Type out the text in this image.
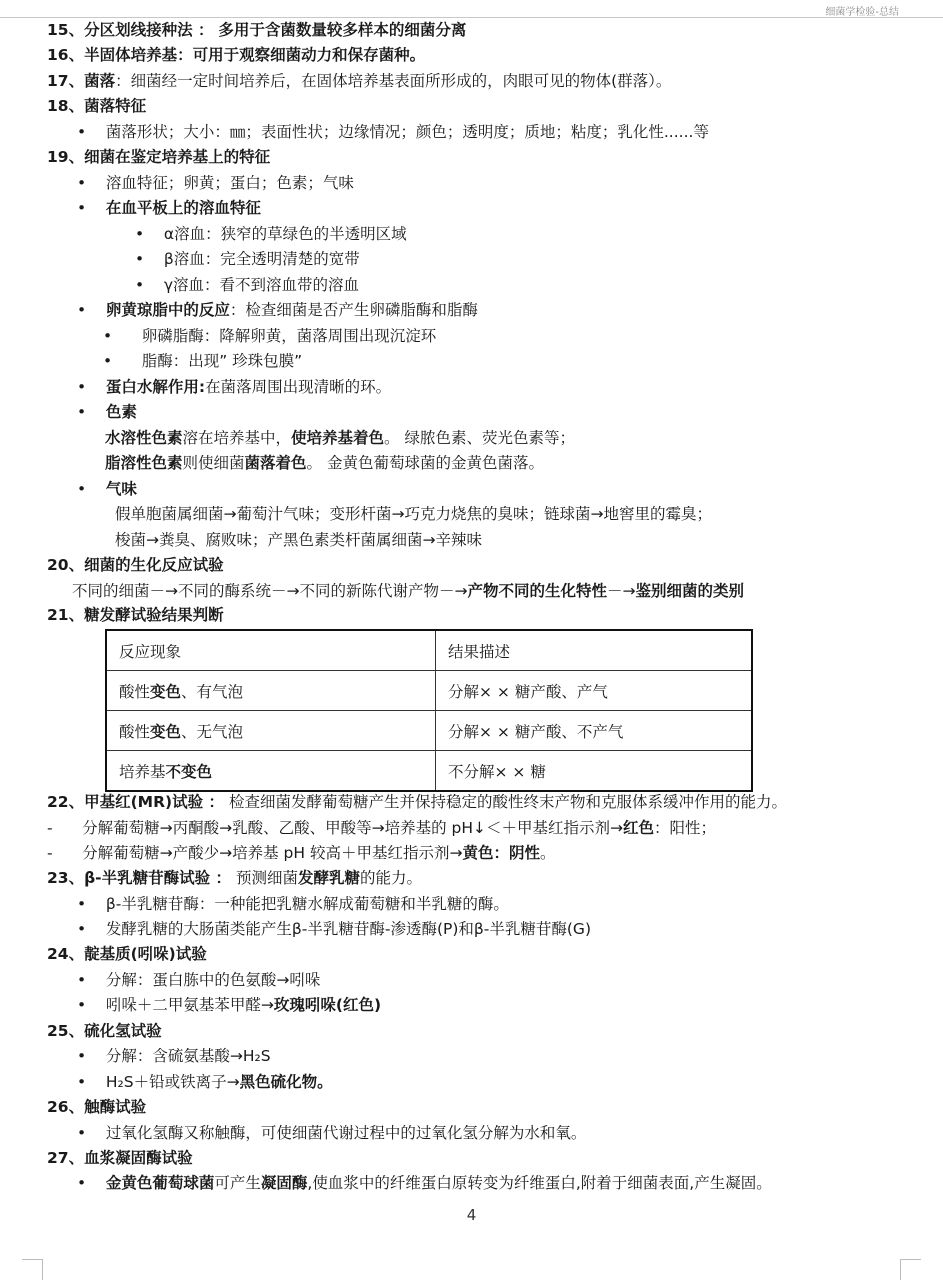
细菌学检验-总结
15、分区划线接种法 ： 多用于含菌数量较多样本的细菌分离
16、半固体培养基：可用于观察细菌动力和保存菌种。
17、菌落：细菌经一定时间培养后，在固体培养基表面所形成的，肉眼可见的物体(群落）。
18、菌落特征
• 菌落形状；大小：㎜；表面性状；边缘情况；颜色；透明度；质地；粘度；乳化性......等
19、细菌在鉴定培养基上的特征
• 溶血特征；卵黄；蛋白；色素；气味
• 在血平板上的溶血特征
• α溶血：狭窄的草绿色的半透明区域
• β溶血：完全透明清楚的宽带
• γ溶血：看不到溶血带的溶血
• 卵黄琼脂中的反应：检查细菌是否产生卵磷脂酶和脂酶
• 卵磷脂酶：降解卵黄，菌落周围出现沉淀环
• 脂酶：出现” 珍珠包膜”
• 蛋白水解作用:在菌落周围出现清晰的环。
• 色素
水溶性色素溶在培养基中，使培养基着色。 绿脓色素、荧光色素等；
脂溶性色素则使细菌菌落着色。 金黄色葡萄球菌的金黄色菌落。
• 气味
假单胞菌属细菌→葡萄汁气味；变形杆菌→巧克力烧焦的臭味；链球菌→地窖里的霉臭；
梭菌→粪臭、腐败味；产黑色素类杆菌属细菌→辛辣味
20、细菌的生化反应试验
不同的细菌－→不同的酶系统－→不同的新陈代谢产物－→产物不同的生化特性－→鉴别细菌的类别
21、糖发酵试验结果判断
反应现象	结果描述
酸性变色、有气泡	分解× × 糖产酸、产气
酸性变色、无气泡	分解× × 糖产酸、不产气
培养基不变色	不分解× × 糖
22、甲基红(MR)试验 ： 检查细菌发酵葡萄糖产生并保持稳定的酸性终末产物和克服体系缓冲作用的能力。
- 分解葡萄糖→丙酮酸→乳酸、乙酸、甲酸等→培养基的 pH↓＜＋甲基红指示剂→红色：阳性；
- 分解葡萄糖→产酸少→培养基 pH 较高＋甲基红指示剂→黄色：阴性。
23、β-半乳糖苷酶试验 ： 预测细菌发酵乳糖的能力。
• β-半乳糖苷酶：一种能把乳糖水解成葡萄糖和半乳糖的酶。
• 发酵乳糖的大肠菌类能产生β-半乳糖苷酶-渗透酶(P)和β-半乳糖苷酶(G)
24、靛基质(吲哚)试验
• 分解：蛋白胨中的色氨酸→吲哚
• 吲哚＋二甲氨基苯甲醛→玫瑰吲哚(红色)
25、硫化氢试验
• 分解：含硫氨基酸→H₂S
• H₂S＋铅或铁离子→黑色硫化物。
26、触酶试验
• 过氧化氢酶又称触酶，可使细菌代谢过程中的过氧化氢分解为水和氧。
27、血浆凝固酶试验
• 金黄色葡萄球菌可产生凝固酶,使血浆中的纤维蛋白原转变为纤维蛋白,附着于细菌表面,产生凝固。
4
